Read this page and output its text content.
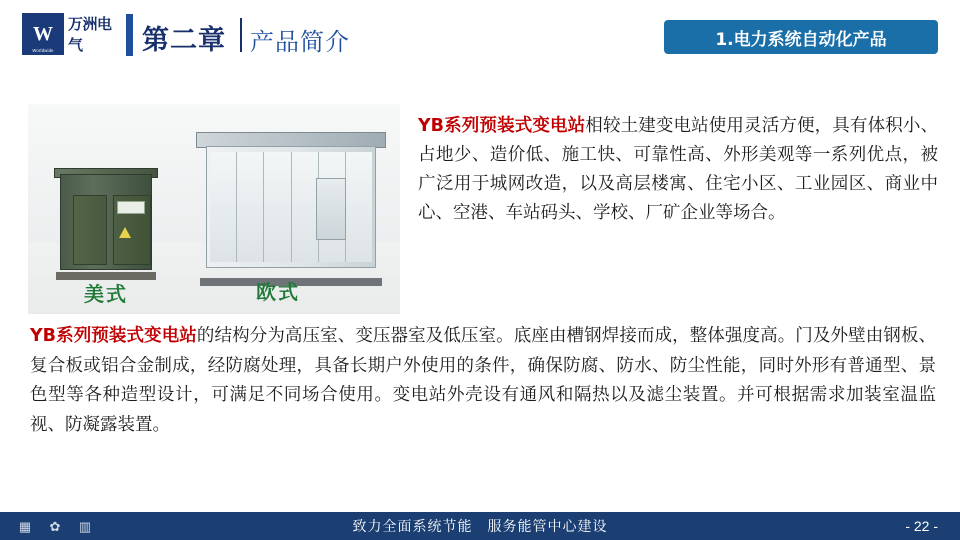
W
Worldwide
万洲电气	第二章 产品简介	1.电力系统自动化产品
美式	欧式
YB系列预装式变电站相较土建变电站使用灵活方便，具有体积小、占地少、造价低、施工快、可靠性高、外形美观等一系列优点，被广泛用于城网改造，以及高层楼寓、住宅小区、工业园区、商业中心、空港、车站码头、学校、厂矿企业等场合。
YB系列预装式变电站的结构分为高压室、变压器室及低压室。底座由槽钢焊接而成，整体强度高。门及外壁由钢板、复合板或铝合金制成，经防腐处理，具备长期户外使用的条件，确保防腐、防水、防尘性能，同时外形有普通型、景色型等各种造型设计，可满足不同场合使用。变电站外壳设有通风和隔热以及滤尘装置。并可根据需求加装室温监视、防凝露装置。
▦ ✿ ▥	致力全面系统节能　服务能管中心建设	- 22 -
